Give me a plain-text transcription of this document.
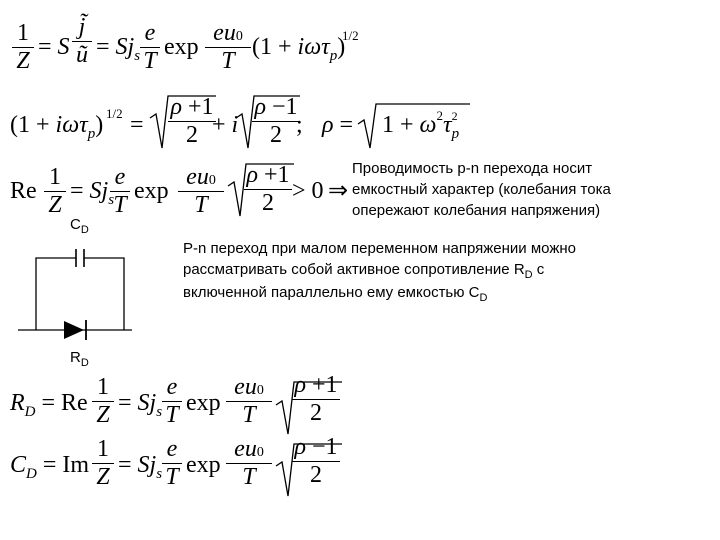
1
Z
= S
j̃
ũ = $Sj_s$
e
T
exp
eu0
T
(1 + iωτ$_p$)
1/2
(1 + iωτ$_p$) 1/2 =
ρ +1
2 + i
ρ −1
2 ; $\rho = 1 + \omega^2\tau^2_p$
Re
1
Z
= $Sj_s$
e
T
exp
eu0
T
ρ +1
2 > 0 ⇒
Проводимость p-n перехода носит
емкостный характер (колебания тока
опережают колебания напряжения)
P-n переход при малом переменном напряжении можно
рассматривать собой активное сопротивление $R_D$ с
включенной параллельно ему емкостью $C_D$
$C_D$
$R_D$
$R_D = Re$
1
$Z = Sj_s$
e
T exp
eu0
T
ρ +1
2
$C_D = Im$
1
$Z = Sj_s$
e
T exp
eu0
T
ρ −1
2
1/Z = S j̃/ũ = S j_s (e/T) exp(e u_0/T) (1 + iωτ_p)^(1/2) (1 + iωτ_p)^(1/2) = √((ρ+1)/2) + i √((ρ−1)/2); ρ = √(1 + ω²τ_p²) Re 1/Z = S j_s (e/T) exp(e u_0/T) √((ρ+1)/2) > 0 ⇒ R_D = Re 1/Z = S j_s (e/T) exp(e u_0/T) √((ρ+1)/2) C_D = Im 1/Z = S j_s (e/T) exp(e u_0/T) √((ρ−1)/2)
